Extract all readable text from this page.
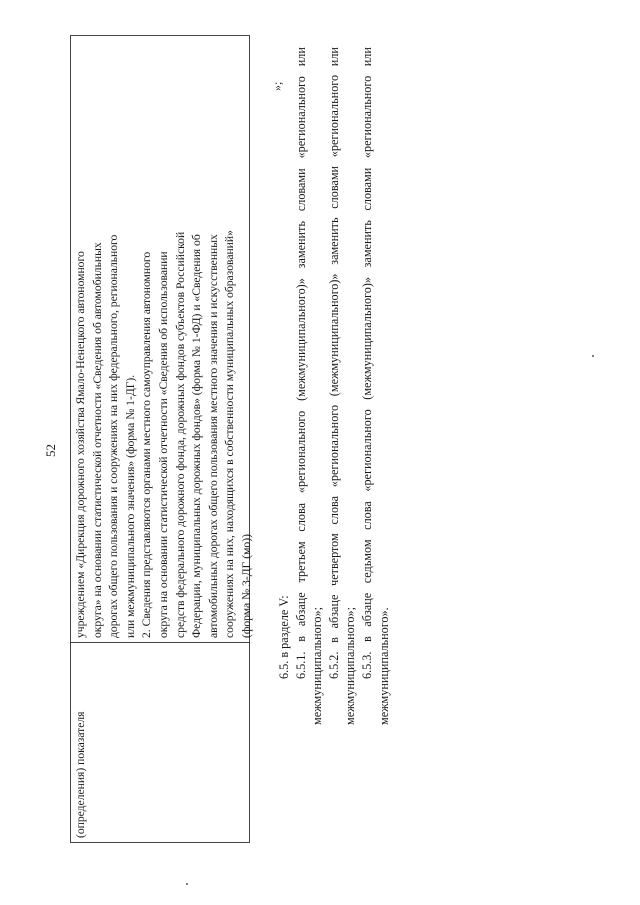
52
(определения) показателя
учреждением «Дирекция дорожного хозяйства Ямало-Ненецкого автономного округа» на основании статистической отчетности «Сведения об автомобильных дорогах общего пользования и сооружениях на них федерального, регионального или межмуниципального значения» (форма № 1-ДГ). 2. Сведения представляются органами местного самоуправления автономного округа на основании статистической отчетности «Сведения об использовании средств федерального дорожного фонда, дорожных фондов субъектов Российской Федерации, муниципальных дорожных фондов» (форма № 1-ФД) и «Сведения об автомобильных дорогах общего пользования местного значения и искусственных сооружениях на них, находящихся в собственности муниципальных образований» (форма № 3-ДГ (мо))
»;
6.5. в разделе V: 6.5.1.
в
абзаце
третьем
слова
«регионального
(межмуниципального)»
заменить
словами
«регионального
или
межмуниципального»; 6.5.2.
в
абзаце
четвертом
слова
«регионального
(межмуниципального)»
заменить
словами
«регионального
или
межмуниципального»; 6.5.3.
в
абзаце
седьмом
слова
«регионального
(межмуниципального)»
заменить
словами
«регионального
или
межмуниципального».
